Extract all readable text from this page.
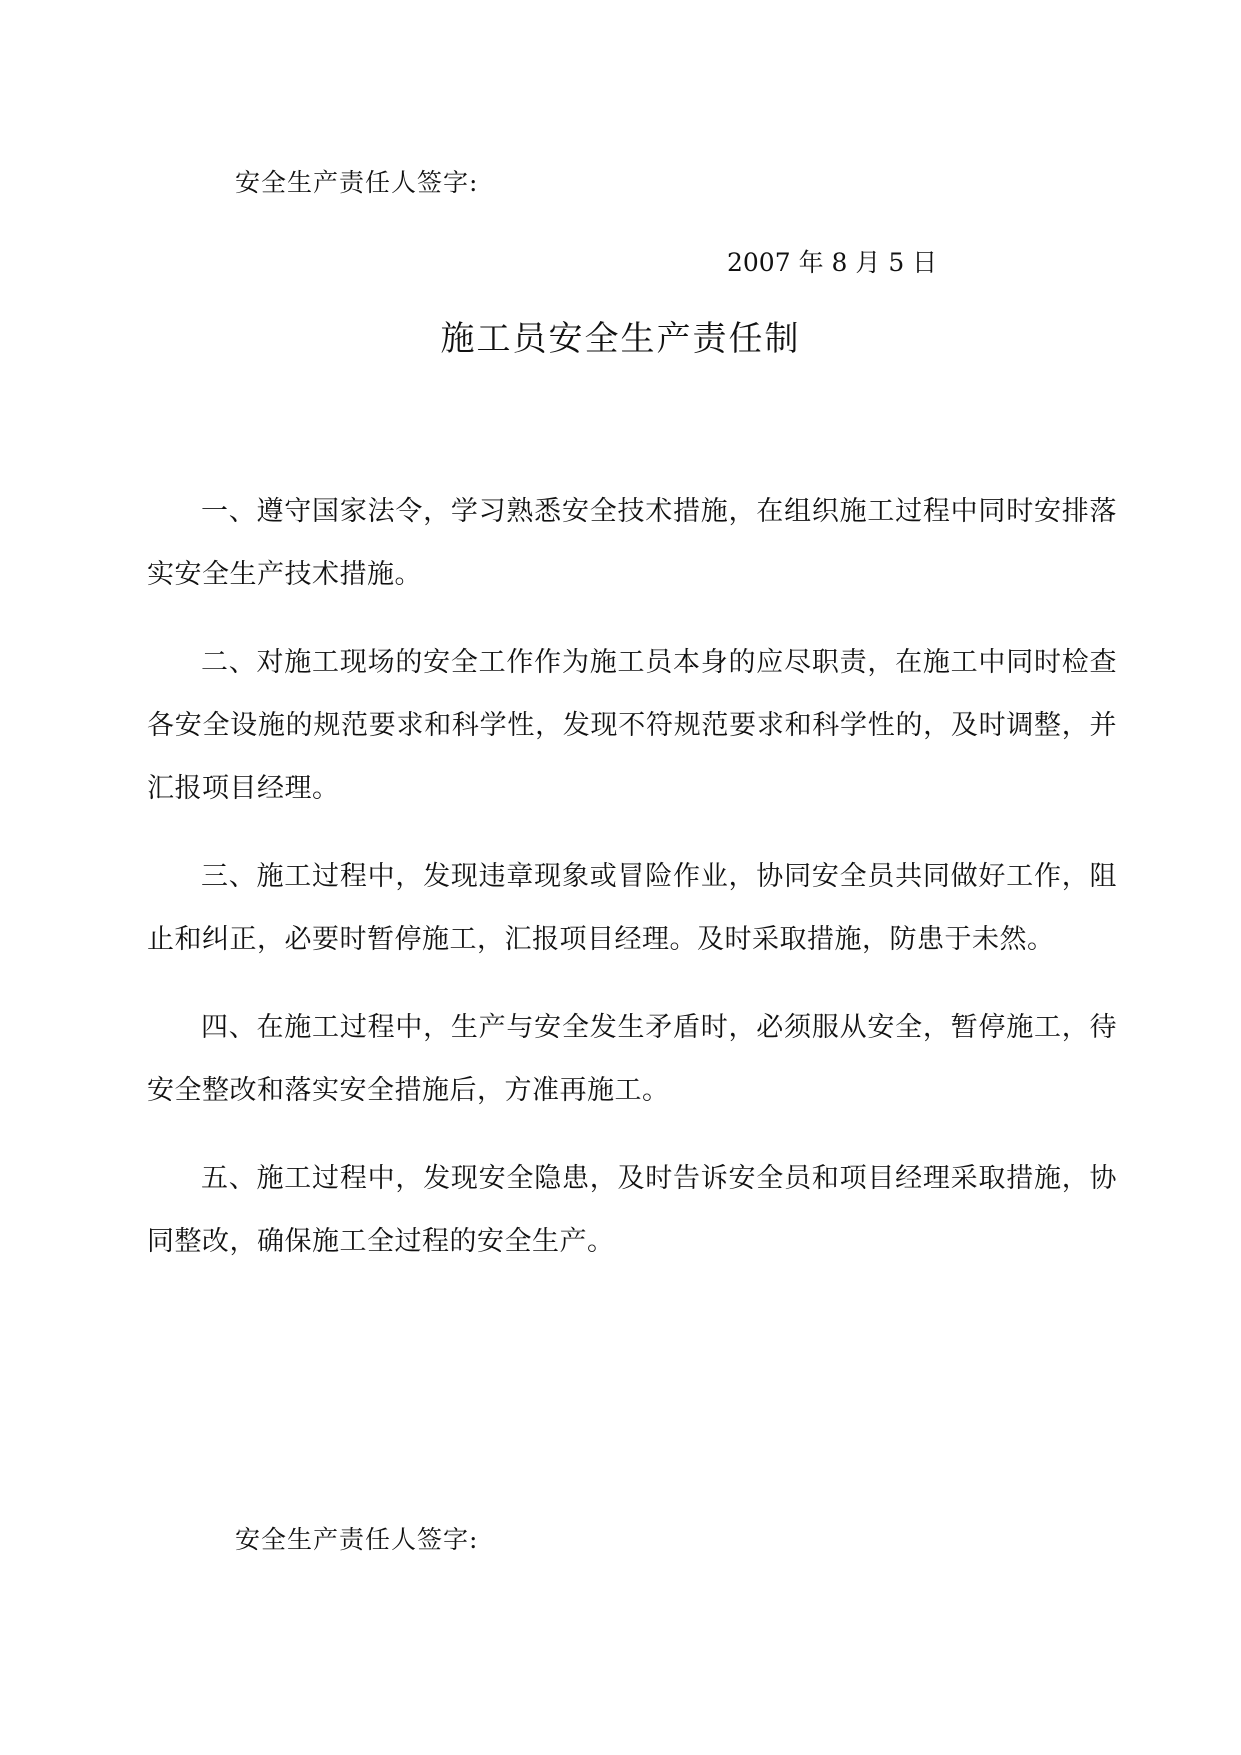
安全生产责任人签字:
2007 年 8 月 5 日
施工员安全生产责任制

一、遵守国家法令，学习熟悉安全技术措施，在组织施工过程中同时安排落实安全生产技术措施。

二、对施工现场的安全工作作为施工员本身的应尽职责，在施工中同时检查各安全设施的规范要求和科学性，发现不符规范要求和科学性的，及时调整，并汇报项目经理。

三、施工过程中，发现违章现象或冒险作业，协同安全员共同做好工作，阻止和纠正，必要时暂停施工，汇报项目经理。及时采取措施，防患于未然。

四、在施工过程中，生产与安全发生矛盾时，必须服从安全，暂停施工，待安全整改和落实安全措施后，方准再施工。

五、施工过程中，发现安全隐患，及时告诉安全员和项目经理采取措施，协同整改，确保施工全过程的安全生产。

安全生产责任人签字:
